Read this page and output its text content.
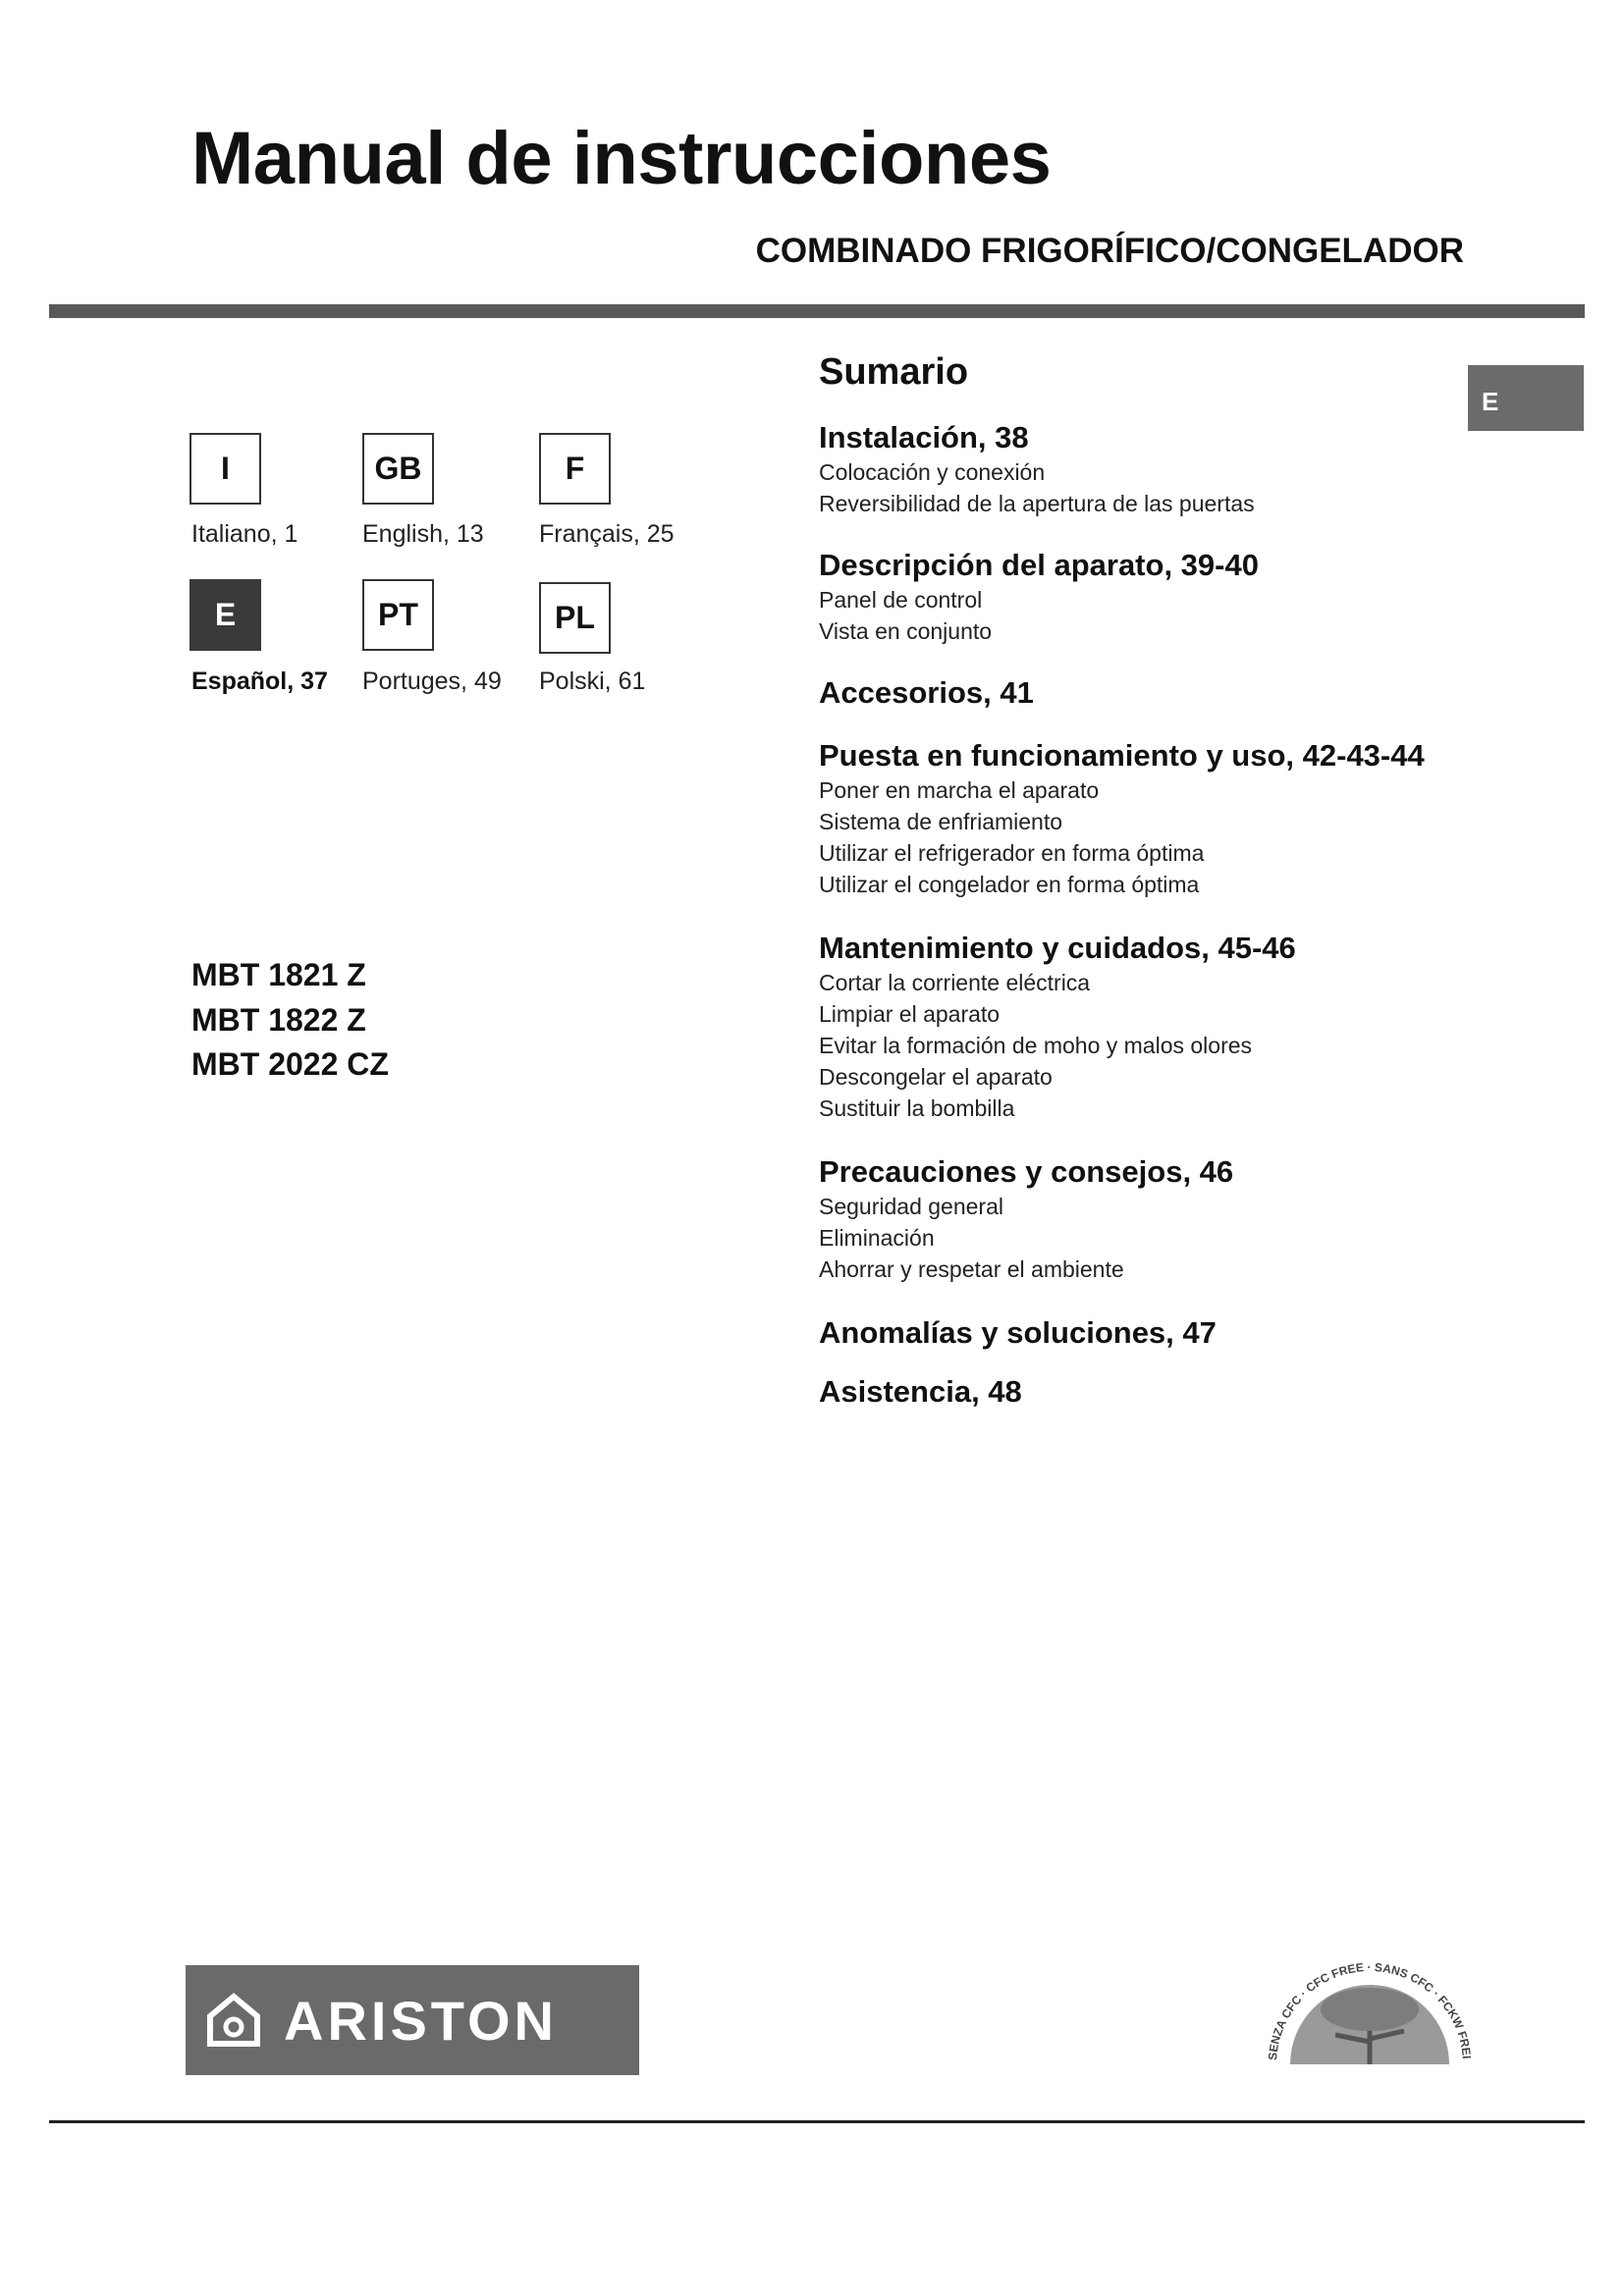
Manual de instrucciones
COMBINADO FRIGORÍFICO/CONGELADOR
E
I	GB	F
Italiano, 1	English, 13 Français, 25
E	PT	PL
Español, 37 Portuges, 49 Polski, 61
MBT 1821 Z
MBT 1822 Z
MBT 2022 CZ
Sumario
Instalación, 38
Colocación y conexión
Reversibilidad de la apertura de las puertas
Descripción del aparato, 39-40
Panel de control
Vista en conjunto
Accesorios, 41
Puesta en funcionamiento y uso, 42-43-44
Poner en marcha el aparato
Sistema de enfriamiento
Utilizar el refrigerador en forma óptima
Utilizar el congelador en forma óptima
Mantenimiento y cuidados, 45-46
Cortar la corriente eléctrica
Limpiar el aparato
Evitar la formación de moho y malos olores
Descongelar el aparato
Sustituir la bombilla
Precauciones y consejos, 46
Seguridad general
Eliminación
Ahorrar y respetar el ambiente
Anomalías y soluciones, 47
Asistencia, 48
ARISTON
SENZA CFC · CFC FREE · SANS CFC · FCKW FREI
